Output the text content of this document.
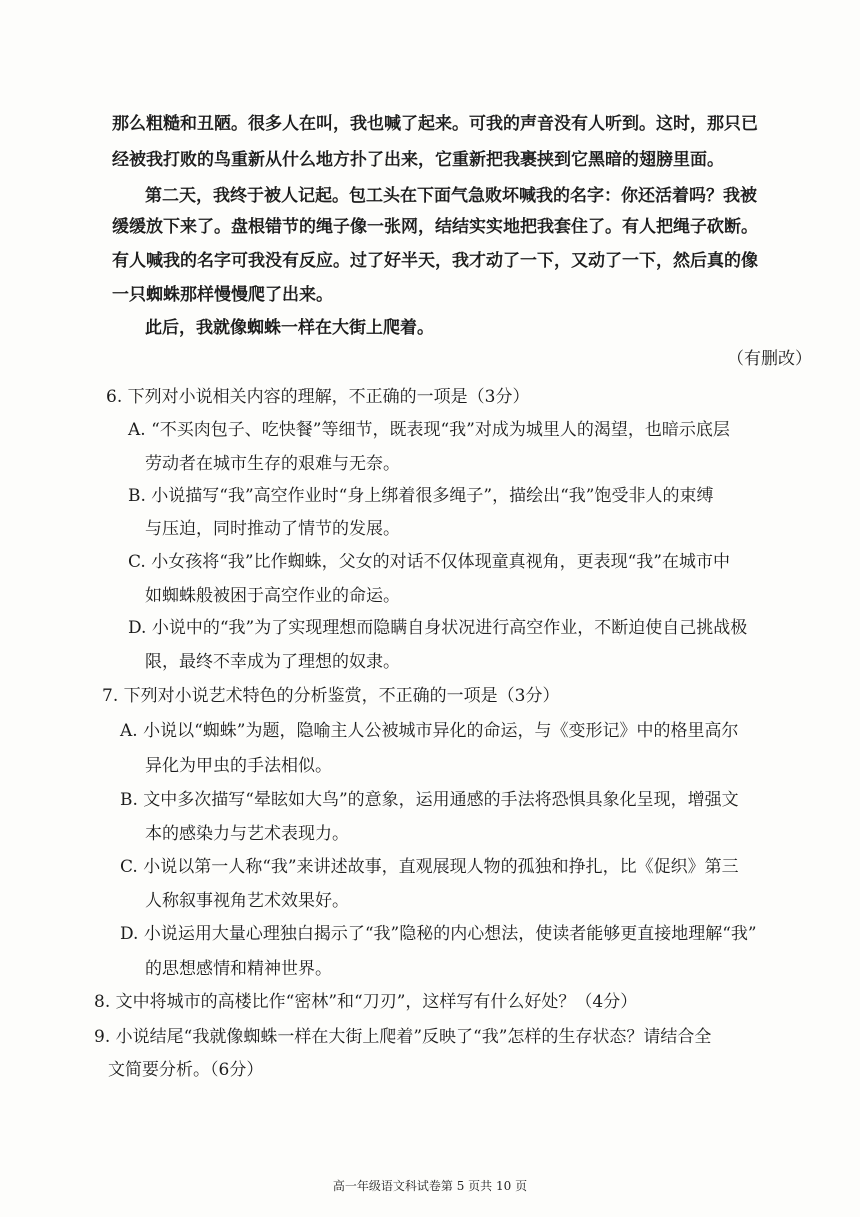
那么粗糙和丑陋。很多人在叫，我也喊了起来。可我的声音没有人听到。这时，那只已
经被我打败的鸟重新从什么地方扑了出来，它重新把我裹挟到它黑暗的翅膀里面。
第二天，我终于被人记起。包工头在下面气急败坏喊我的名字：你还活着吗？我被
缓缓放下来了。盘根错节的绳子像一张网，结结实实地把我套住了。有人把绳子砍断。
有人喊我的名字可我没有反应。过了好半天，我才动了一下，又动了一下，然后真的像
一只蜘蛛那样慢慢爬了出来。
此后，我就像蜘蛛一样在大街上爬着。
（有删改）
6. 下列对小说相关内容的理解，不正确的一项是（3分）
A. “不买肉包子、吃快餐”等细节，既表现“我”对成为城里人的渴望，也暗示底层
劳动者在城市生存的艰难与无奈。
B. 小说描写“我”高空作业时“身上绑着很多绳子”，描绘出“我”饱受非人的束缚
与压迫，同时推动了情节的发展。
C. 小女孩将“我”比作蜘蛛，父女的对话不仅体现童真视角，更表现“我”在城市中
如蜘蛛般被困于高空作业的命运。
D. 小说中的“我”为了实现理想而隐瞒自身状况进行高空作业，不断迫使自己挑战极
限，最终不幸成为了理想的奴隶。
7. 下列对小说艺术特色的分析鉴赏，不正确的一项是（3分）
A. 小说以“蜘蛛”为题，隐喻主人公被城市异化的命运，与《变形记》中的格里高尔
异化为甲虫的手法相似。
B. 文中多次描写“晕眩如大鸟”的意象，运用通感的手法将恐惧具象化呈现，增强文
本的感染力与艺术表现力。
C. 小说以第一人称“我”来讲述故事，直观展现人物的孤独和挣扎，比《促织》第三
人称叙事视角艺术效果好。
D. 小说运用大量心理独白揭示了“我”隐秘的内心想法，使读者能够更直接地理解“我”
的思想感情和精神世界。
8. 文中将城市的高楼比作“密林”和“刀刃”，这样写有什么好处？（4分）
9. 小说结尾“我就像蜘蛛一样在大街上爬着”反映了“我”怎样的生存状态？请结合全
文简要分析。（6分）
高一年级语文科试卷第 5 页共 10 页
